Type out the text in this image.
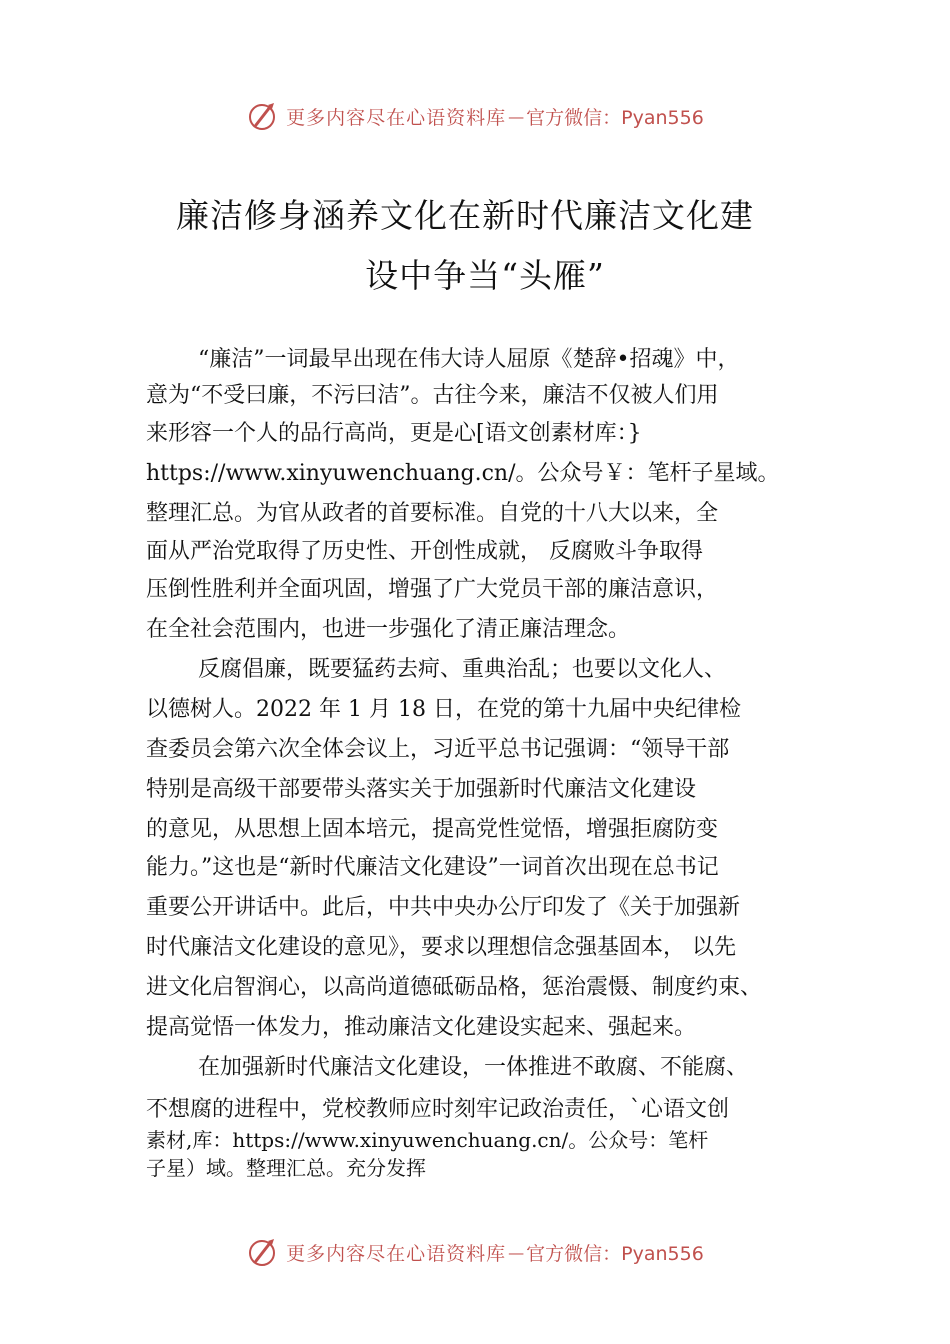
更多内容尽在心语资料库 — 官方微信：Pyan556
廉洁修身涵养文化在新时代廉洁文化建
设中争当“头雁”
“廉洁”一词最早出现在伟大诗人屈原《楚辞•招魂》中，
意为“不受曰廉，不污曰洁”。古往今来，廉洁不仅被人们用
来形容一个人的品行高尚，更是心[语文创素材库：}
https://www.xinyuwenchuang.cn/。公众号￥：笔杆子星域。
整理汇总。为官从政者的首要标准。自党的十八大以来，全
面从严治党取得了历史性、开创性成就， 反腐败斗争取得
压倒性胜利并全面巩固，增强了广大党员干部的廉洁意识，
在全社会范围内，也进一步强化了清正廉洁理念。
反腐倡廉，既要猛药去疴、重典治乱；也要以文化人、
以德树人。2022 年 1 月 18 日，在党的第十九届中央纪律检
查委员会第六次全体会议上，习近平总书记强调：“领导干部
特别是高级干部要带头落实关于加强新时代廉洁文化建设
的意见，从思想上固本培元，提高党性觉悟，增强拒腐防变
能力。”这也是“新时代廉洁文化建设”一词首次出现在总书记
重要公开讲话中。此后，中共中央办公厅印发了《关于加强新
时代廉洁文化建设的意见》，要求以理想信念强基固本， 以先
进文化启智润心，以高尚道德砥砺品格，惩治震慑、制度约束、
提高觉悟一体发力，推动廉洁文化建设实起来、强起来。
在加强新时代廉洁文化建设，一体推进不敢腐、不能腐、
不想腐的进程中，党校教师应时刻牢记政治责任，`心语文创
素材,库：https://www.xinyuwenchuang.cn/。公众号：笔杆
子星）域。整理汇总。充分发挥
更多内容尽在心语资料库 — 官方微信：Pyan556
